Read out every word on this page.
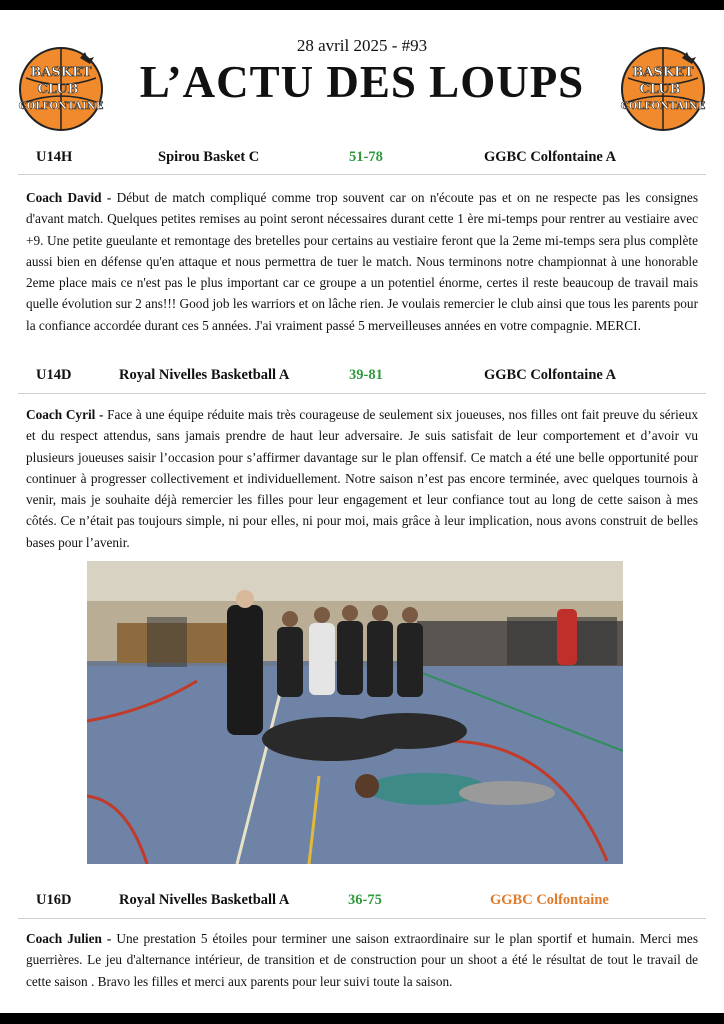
BASKET
CLUB
COLFONTAINE
BASKET
CLUB
COLFONTAINE
28 avril 2025 - #93
L’ACTU DES LOUPS
U14H	Spirou Basket C	51-78	GGBC Colfontaine A

Coach David - Début de match compliqué comme trop souvent car on n'écoute pas et on ne respecte pas les consignes d'avant match. Quelques petites remises au point seront nécessaires durant cette 1 ère mi-temps pour rentrer au vestiaire avec +9. Une petite gueulante et remontage des bretelles pour certains au vestiaire feront que la 2eme mi-temps sera plus complète aussi bien en défense qu'en attaque et nous permettra de tuer le match. Nous terminons notre championnat à une honorable 2eme place mais ce n'est pas le plus important car ce groupe a un potentiel énorme, certes il reste beaucoup de travail mais quelle évolution sur 2 ans!!! Good job les warriors et on lâche rien. Je voulais remercier le club ainsi que tous les parents pour la confiance accordée durant ces 5 années. J'ai vraiment passé 5 merveilleuses années en votre compagnie. MERCI.

U14D	Royal Nivelles Basketball A	39-81	GGBC Colfontaine A

Coach Cyril - Face à une équipe réduite mais très courageuse de seulement six joueuses, nos filles ont fait preuve du sérieux et du respect attendus, sans jamais prendre de haut leur adversaire. Je suis satisfait de leur comportement et d’avoir vu plusieurs joueuses saisir l’occasion pour s’affirmer davantage sur le plan offensif. Ce match a été une belle opportunité pour continuer à progresser collectivement et individuellement. Notre saison n’est pas encore terminée, avec quelques tournois à venir, mais je souhaite déjà remercier les filles pour leur engagement et leur confiance tout au long de cette saison à mes côtés. Ce n’était pas toujours simple, ni pour elles, ni pour moi, mais grâce à leur implication, nous avons construit de belles bases pour l’avenir.

U16D	Royal Nivelles Basketball A	36-75	GGBC Colfontaine

Coach Julien - Une prestation 5 étoiles pour terminer une saison extraordinaire sur le plan sportif et humain. Merci mes guerrières. Le jeu d'alternance intérieur, de transition et de construction pour un shoot a été le résultat de tout le travail de cette saison . Bravo les filles et merci aux parents pour leur suivi toute la saison.
